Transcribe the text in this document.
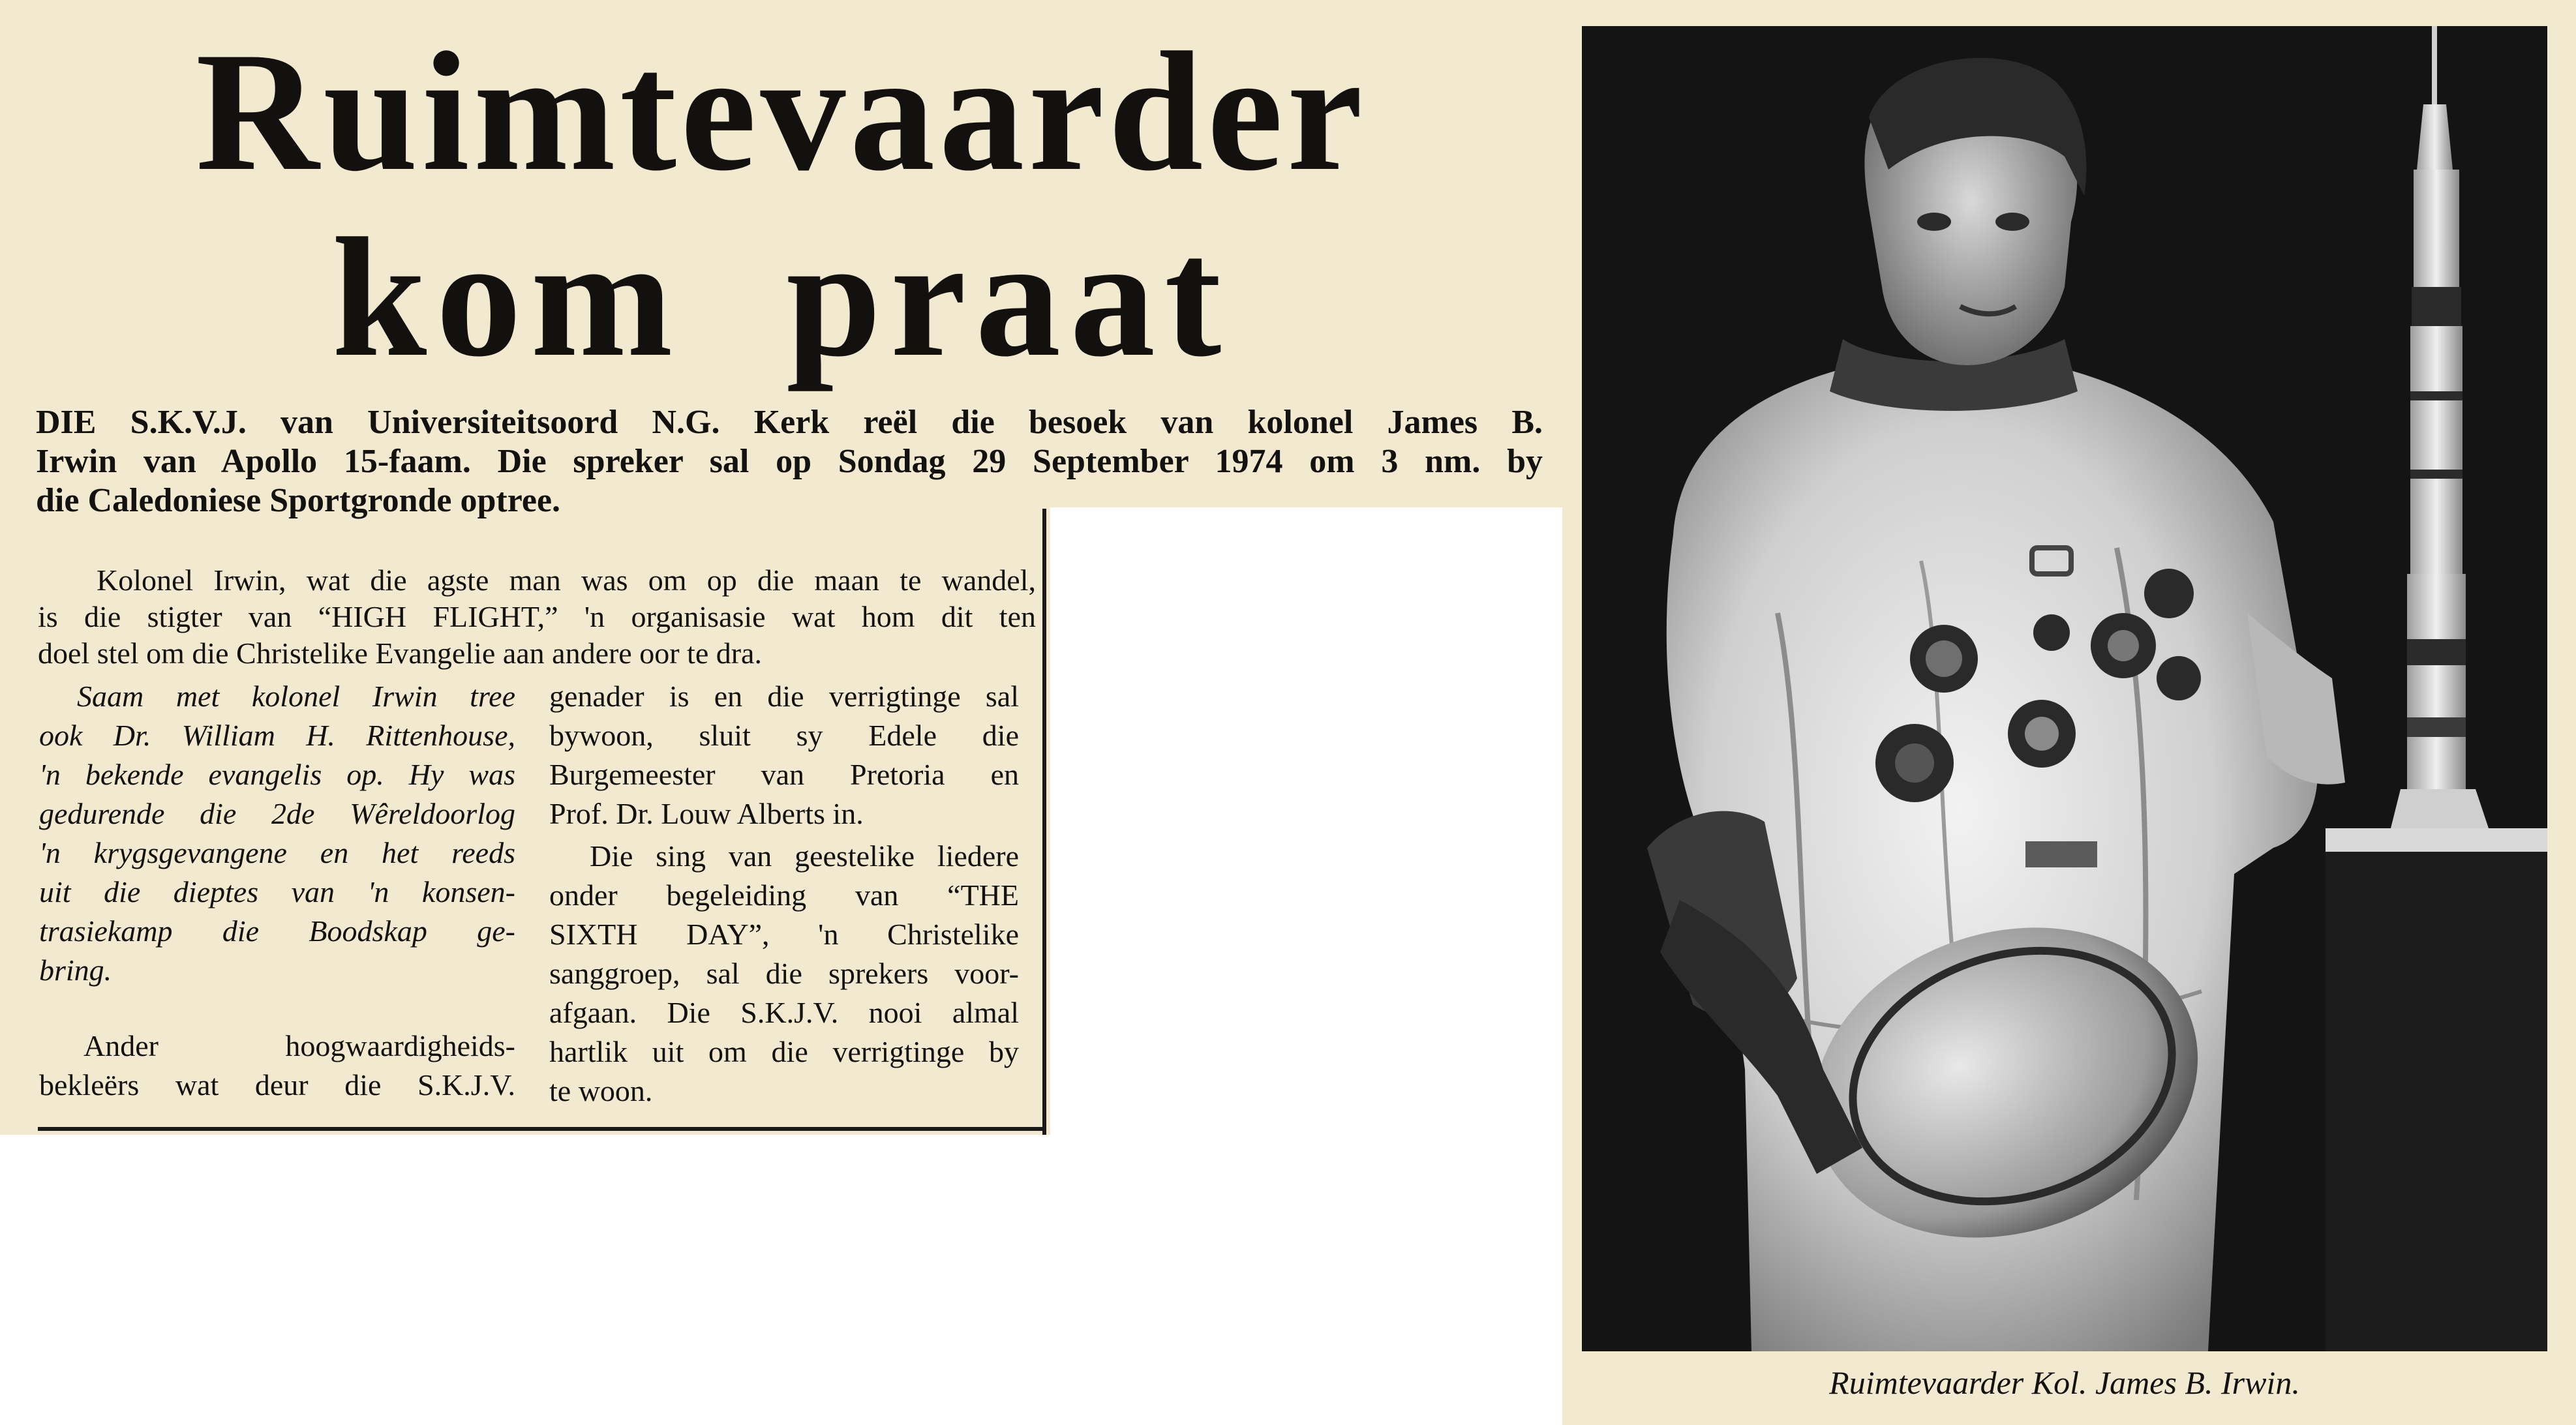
Ruimtevaarder
kom praat
DIE S.K.V.J. van Universiteitsoord N.G. Kerk reël die besoek van kolonel James B.
Irwin van Apollo 15-faam. Die spreker sal op Sondag 29 September 1974 om 3 nm. by
die Caledoniese Sportgronde optree.
Kolonel Irwin, wat die agste man was om op die maan te wandel,
is die stigter van “HIGH FLIGHT,” 'n organisasie wat hom dit ten
doel stel om die Christelike Evangelie aan andere oor te dra.
Saam met kolonel Irwin tree
ook Dr. William H. Rittenhouse,
'n bekende evangelis op. Hy was
gedurende die 2de Wêreldoorlog
'n krygsgevangene en het reeds
uit die dieptes van 'n konsen-
trasiekamp die Boodskap ge-
bring.
Ander hoogwaardigheids-
bekleërs wat deur die S.K.J.V.
genader is en die verrigtinge sal
bywoon, sluit sy Edele die
Burgemeester van Pretoria en
Prof. Dr. Louw Alberts in.
Die sing van geestelike liedere
onder begeleiding van “THE
SIXTH DAY”, 'n Christelike
sanggroep, sal die sprekers voor-
afgaan. Die S.K.J.V. nooi almal
hartlik uit om die verrigtinge by
te woon.
Ruimtevaarder Kol. James B. Irwin.
